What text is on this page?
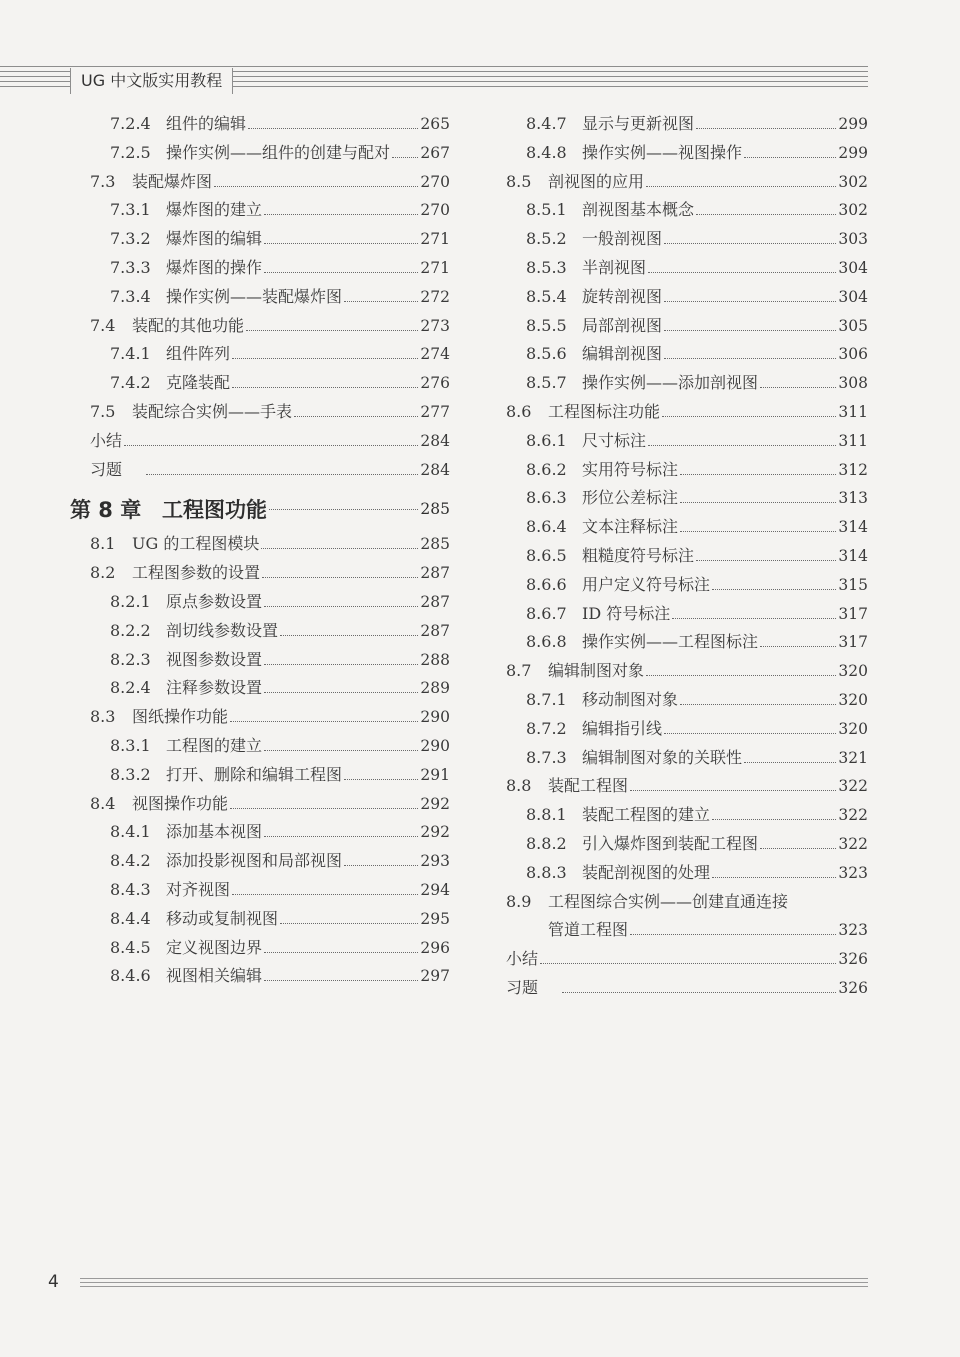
UG 中文版实用教程
7.2.4 组件的编辑	265
7.2.5 操作实例——组件的创建与配对 267
7.3	装配爆炸图	270
7.3.1 爆炸图的建立	270
7.3.2 爆炸图的编辑	271
7.3.3 爆炸图的操作	271
7.3.4 操作实例——装配爆炸图	272
7.4	装配的其他功能	273
7.4.1 组件阵列	274
7.4.2 克隆装配	276
7.5	装配综合实例——手表	277
小结	284
习题	284
第 8 章 工程图功能	285
8.1	UG 的工程图模块	285
8.2	工程图参数的设置	287
8.2.1 原点参数设置	287
8.2.2 剖切线参数设置	287
8.2.3 视图参数设置	288
8.2.4 注释参数设置	289
8.3	图纸操作功能	290
8.3.1 工程图的建立	290
8.3.2 打开、删除和编辑工程图	291
8.4	视图操作功能	292
8.4.1 添加基本视图	292
8.4.2 添加投影视图和局部视图	293
8.4.3 对齐视图	294
8.4.4 移动或复制视图	295
8.4.5 定义视图边界	296
8.4.6 视图相关编辑	297
8.4.7 显示与更新视图	299
8.4.8 操作实例——视图操作	299
8.5	剖视图的应用	302
8.5.1 剖视图基本概念	302
8.5.2 一般剖视图	303
8.5.3 半剖视图	304
8.5.4 旋转剖视图	304
8.5.5 局部剖视图	305
8.5.6 编辑剖视图	306
8.5.7 操作实例——添加剖视图	308
8.6	工程图标注功能	311
8.6.1 尺寸标注	311
8.6.2 实用符号标注	312
8.6.3 形位公差标注	313
8.6.4 文本注释标注	314
8.6.5 粗糙度符号标注	314
8.6.6 用户定义符号标注	315
8.6.7 ID 符号标注	317
8.6.8 操作实例——工程图标注	317
8.7	编辑制图对象	320
8.7.1 移动制图对象	320
8.7.2 编辑指引线	320
8.7.3 编辑制图对象的关联性	321
8.8	装配工程图	322
8.8.1 装配工程图的建立	322
8.8.2 引入爆炸图到装配工程图	322
8.8.3 装配剖视图的处理	323
8.9	工程图综合实例——创建直通连接
管道工程图	323
小结	326
习题	326
4
